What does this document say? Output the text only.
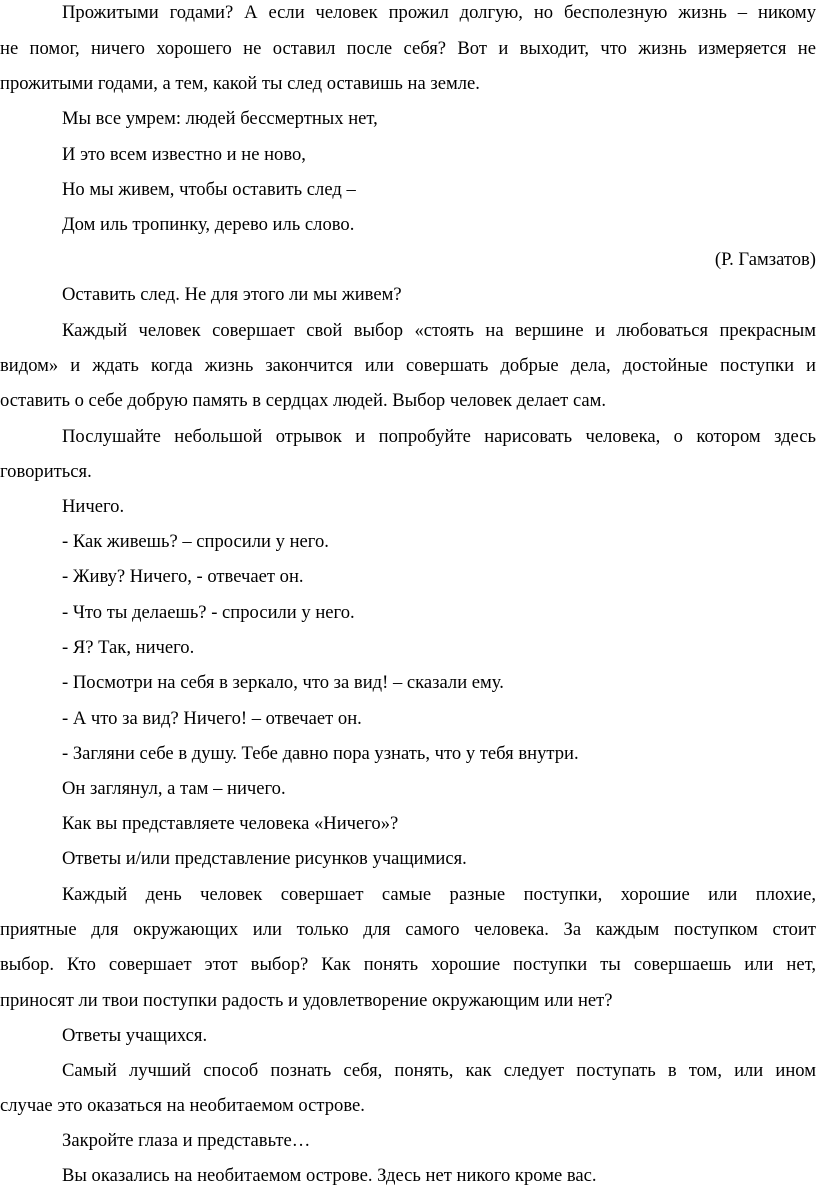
Прожитыми годами? А если человек прожил долгую, но бесполезную жизнь – никому
не помог, ничего хорошего не оставил после себя? Вот и выходит, что жизнь измеряется не
прожитыми годами, а тем, какой ты след оставишь на земле.
Мы все умрем: людей бессмертных нет,
И это всем известно и не ново,
Но мы живем, чтобы оставить след –
Дом иль тропинку, дерево иль слово.
(Р. Гамзатов)
Оставить след. Не для этого ли мы живем?
Каждый человек совершает свой выбор «стоять на вершине и любоваться прекрасным
видом» и ждать когда жизнь закончится или совершать добрые дела, достойные поступки и
оставить о себе добрую память в сердцах людей. Выбор человек делает сам.
Послушайте небольшой отрывок и попробуйте нарисовать человека, о котором здесь
говориться.
Ничего.
- Как живешь? – спросили у него.
- Живу? Ничего, - отвечает он.
- Что ты делаешь? - спросили у него.
- Я? Так, ничего.
- Посмотри на себя в зеркало, что за вид! – сказали ему.
- А что за вид? Ничего! – отвечает он.
- Загляни себе в душу. Тебе давно пора узнать, что у тебя внутри.
Он заглянул, а там – ничего.
Как вы представляете человека «Ничего»?
Ответы и/или представление рисунков учащимися.
Каждый день человек совершает самые разные поступки, хорошие или плохие,
приятные для окружающих или только для самого человека. За каждым поступком стоит
выбор. Кто совершает этот выбор? Как понять хорошие поступки ты совершаешь или нет,
приносят ли твои поступки радость и удовлетворение окружающим или нет?
Ответы учащихся.
Самый лучший способ познать себя, понять, как следует поступать в том, или ином
случае это оказаться на необитаемом острове.
Закройте глаза и представьте…
Вы оказались на необитаемом острове. Здесь нет никого кроме вас.
